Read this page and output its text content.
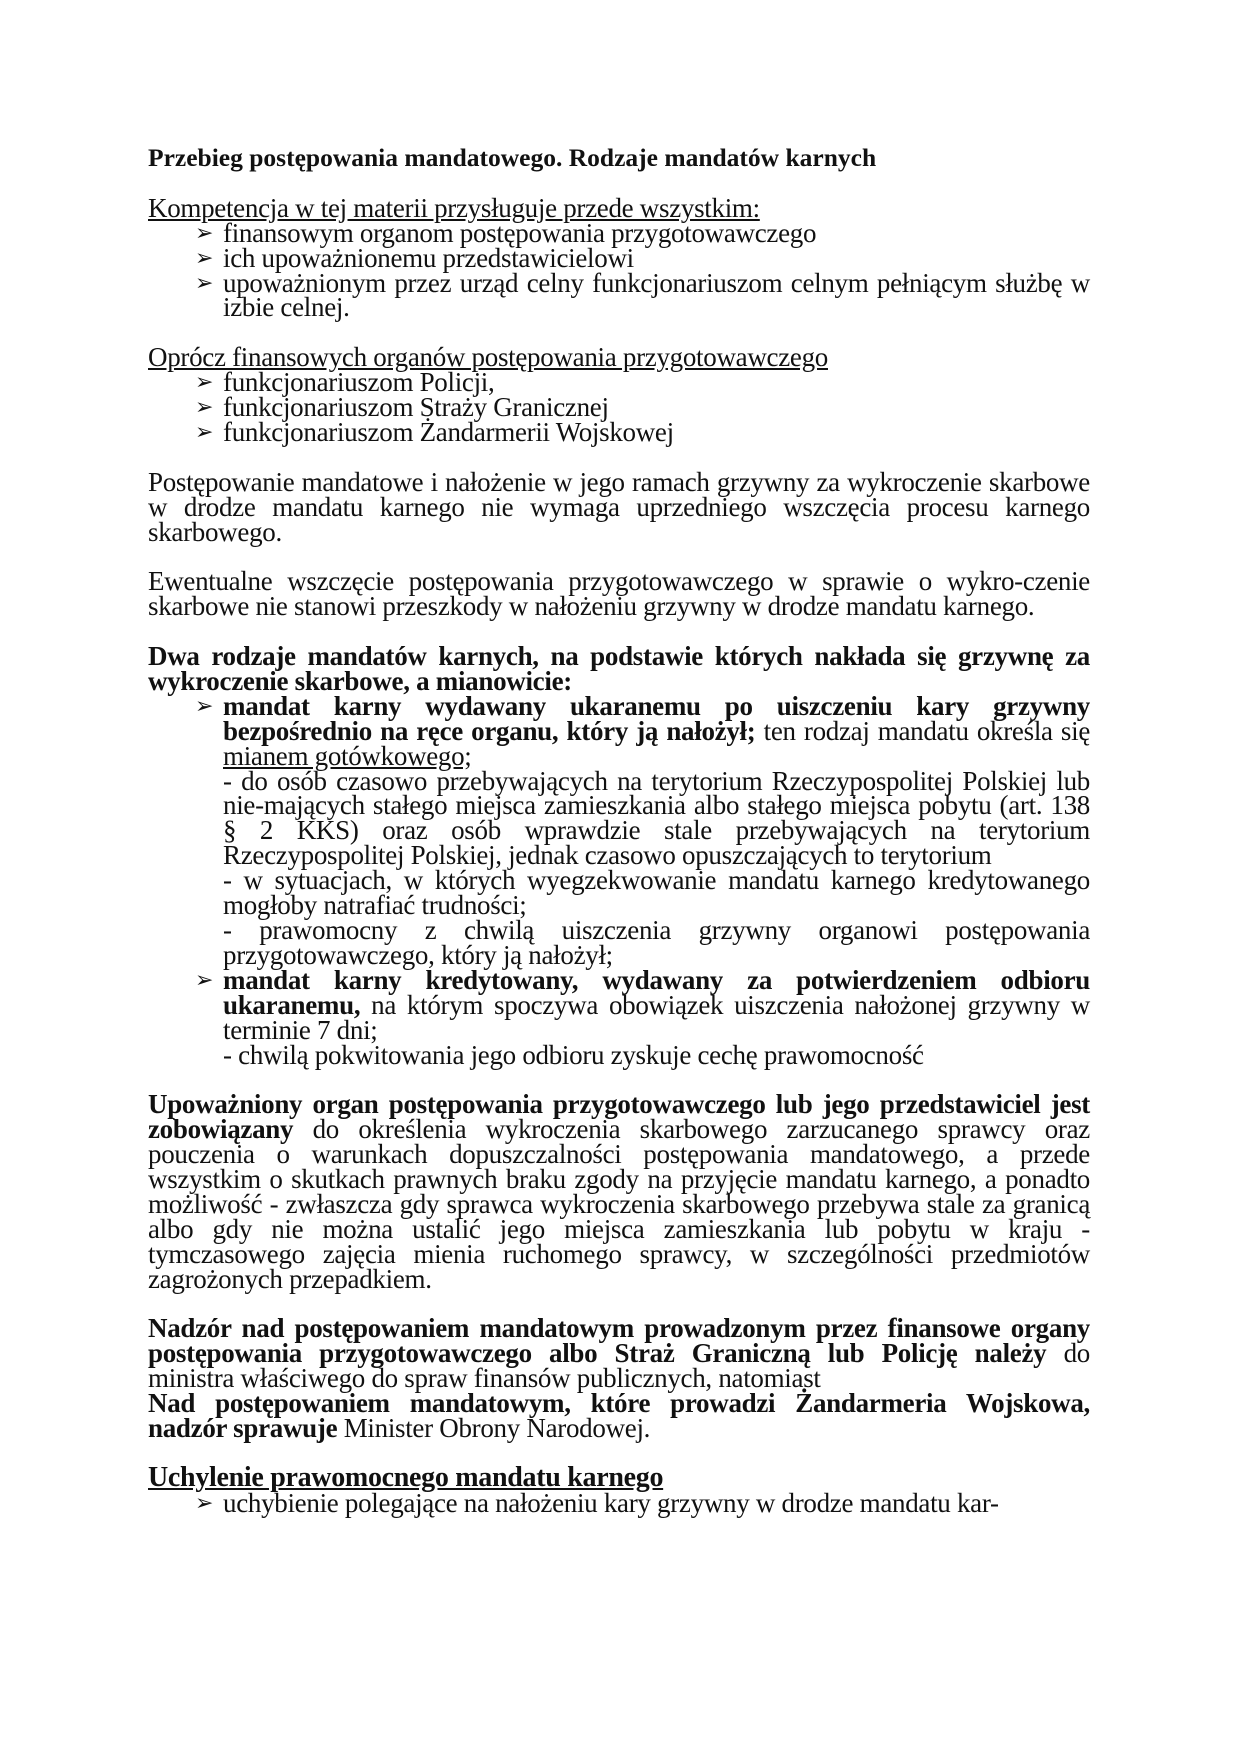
Przebieg postępowania mandatowego. Rodzaje mandatów karnych
Kompetencja w tej materii przysługuje przede wszystkim:
➢ finansowym organom postępowania przygotowawczego
➢ ich upoważnionemu przedstawicielowi
➢ upoważnionym przez urząd celny funkcjonariuszom celnym pełniącym służbę w izbie celnej.
Oprócz finansowych organów postępowania przygotowawczego
➢ funkcjonariuszom Policji,
➢ funkcjonariuszom Straży Granicznej
➢ funkcjonariuszom Żandarmerii Wojskowej
Postępowanie mandatowe i nałożenie w jego ramach grzywny za wykroczenie skarbowe w drodze mandatu karnego nie wymaga uprzedniego wszczęcia procesu karnego skarbowego.
Ewentualne wszczęcie postępowania przygotowawczego w sprawie o wykro-czenie skarbowe nie stanowi przeszkody w nałożeniu grzywny w drodze mandatu karnego.
Dwa rodzaje mandatów karnych, na podstawie których nakłada się grzywnę za wykroczenie skarbowe, a mianowicie:
➢ mandat karny wydawany ukaranemu po uiszczeniu kary grzywny bezpośrednio na ręce organu, który ją nałożył; ten rodzaj mandatu określa się mianem gotówkowego;
- do osób czasowo przebywających na terytorium Rzeczypospolitej Polskiej lub nie-mających stałego miejsca zamieszkania albo stałego miejsca pobytu (art. 138 § 2 KKS) oraz osób wprawdzie stale przebywających na terytorium Rzeczypospolitej Polskiej, jednak czasowo opuszczających to terytorium
- w sytuacjach, w których wyegzekwowanie mandatu karnego kredytowanego mogłoby natrafiać trudności;
- prawomocny z chwilą uiszczenia grzywny organowi postępowania przygotowawczego, który ją nałożył;
➢ mandat karny kredytowany, wydawany za potwierdzeniem odbioru ukaranemu, na którym spoczywa obowiązek uiszczenia nałożonej grzywny w terminie 7 dni;
- chwilą pokwitowania jego odbioru zyskuje cechę prawomocność
Upoważniony organ postępowania przygotowawczego lub jego przedstawiciel jest zobowiązany do określenia wykroczenia skarbowego zarzucanego sprawcy oraz pouczenia o warunkach dopuszczalności postępowania mandatowego, a przede wszystkim o skutkach prawnych braku zgody na przyjęcie mandatu karnego, a ponadto możliwość - zwłaszcza gdy sprawca wykroczenia skarbowego przebywa stale za granicą albo gdy nie można ustalić jego miejsca zamieszkania lub pobytu w kraju - tymczasowego zajęcia mienia ruchomego sprawcy, w szczególności przedmiotów zagrożonych przepadkiem.
Nadzór nad postępowaniem mandatowym prowadzonym przez finansowe organy postępowania przygotowawczego albo Straż Graniczną lub Policję należy do ministra właściwego do spraw finansów publicznych, natomiast
Nad postępowaniem mandatowym, które prowadzi Żandarmeria Wojskowa, nadzór sprawuje Minister Obrony Narodowej.
Uchylenie prawomocnego mandatu karnego
➢ uchybienie polegające na nałożeniu kary grzywny w drodze mandatu kar-
